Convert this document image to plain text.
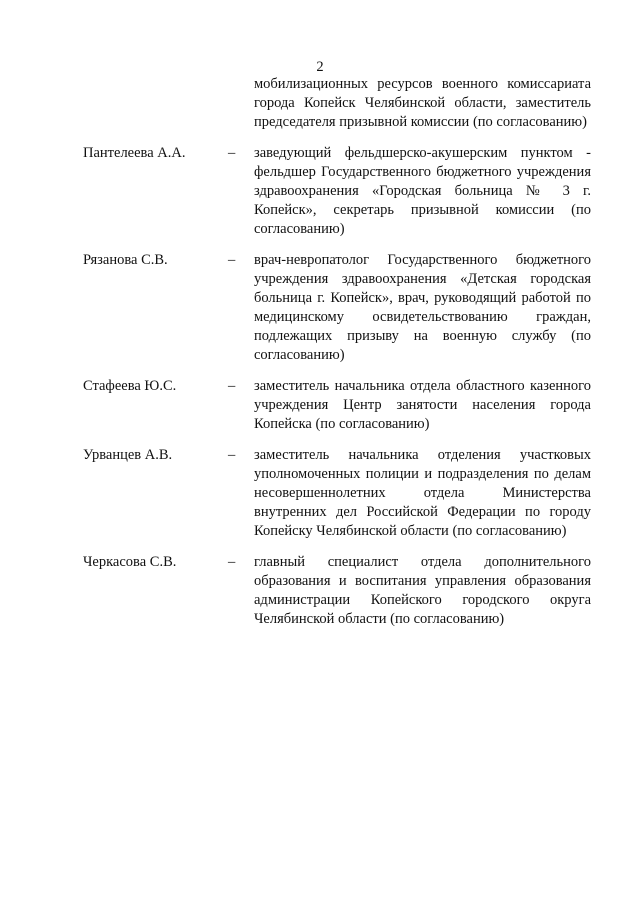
2
мобилизационных ресурсов военного комиссариата города Копейск Челябинской области, заместитель председателя призывной комиссии (по согласованию)
Пантелеева А.А.	– заведующий фельдшерско-акушерским пунктом - фельдшер Государственного бюджетного учреждения здравоохранения «Городская больница № 3 г. Копейск», секретарь призывной комиссии (по согласованию)
Рязанова С.В.	– врач-невропатолог Государственного бюджетного учреждения здравоохранения «Детская городская больница г. Копейск», врач, руководящий работой по медицинскому освидетельствованию граждан, подлежащих призыву на военную службу (по согласованию)
Стафеева Ю.С.	– заместитель начальника отдела областного казенного учреждения Центр занятости населения города Копейска (по согласованию)
Урванцев А.В.	– заместитель начальника отделения участковых уполномоченных полиции и подразделения по делам несовершеннолетних отдела Министерства внутренних дел Российской Федерации по городу Копейску Челябинской области (по согласованию)
Черкасова С.В.	– главный специалист отдела дополнительного образования и воспитания управления образования администрации Копейского городского округа Челябинской области (по согласованию)
